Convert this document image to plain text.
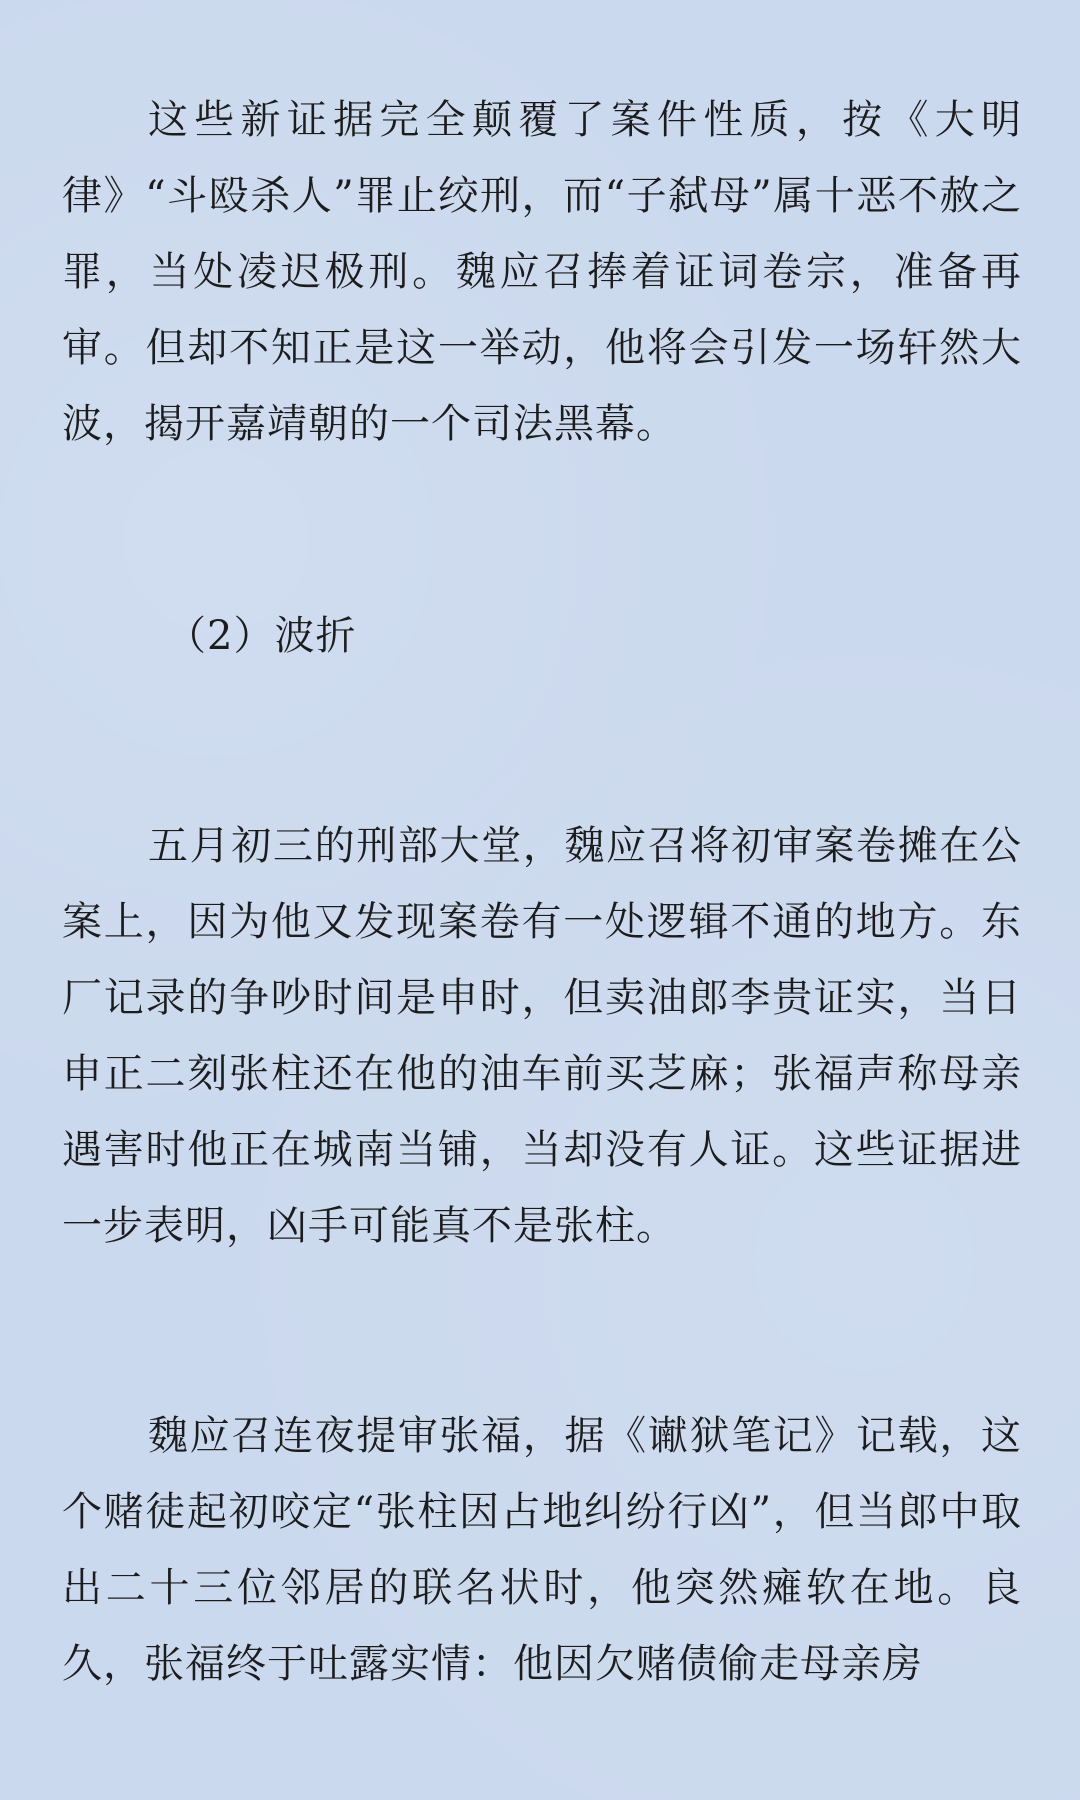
这些新证据完全颠覆了案件性质，按《大明律》“斗殴杀人”罪止绞刑，而“子弑母”属十恶不赦之罪，当处凌迟极刑。魏应召捧着证词卷宗，准备再审。但却不知正是这一举动，他将会引发一场轩然大波，揭开嘉靖朝的一个司法黑幕。

（2）波折

五月初三的刑部大堂，魏应召将初审案卷摊在公案上，因为他又发现案卷有一处逻辑不通的地方。东厂记录的争吵时间是申时，但卖油郎李贵证实，当日申正二刻张柱还在他的油车前买芝麻；张福声称母亲遇害时他正在城南当铺，当却没有人证。这些证据进一步表明，凶手可能真不是张柱。

魏应召连夜提审张福，据《谳狱笔记》记载，这个赌徒起初咬定“张柱因占地纠纷行凶”，但当郎中取出二十三位邻居的联名状时，他突然瘫软在地。良久，张福终于吐露实情：他因欠赌债偷走母亲房
